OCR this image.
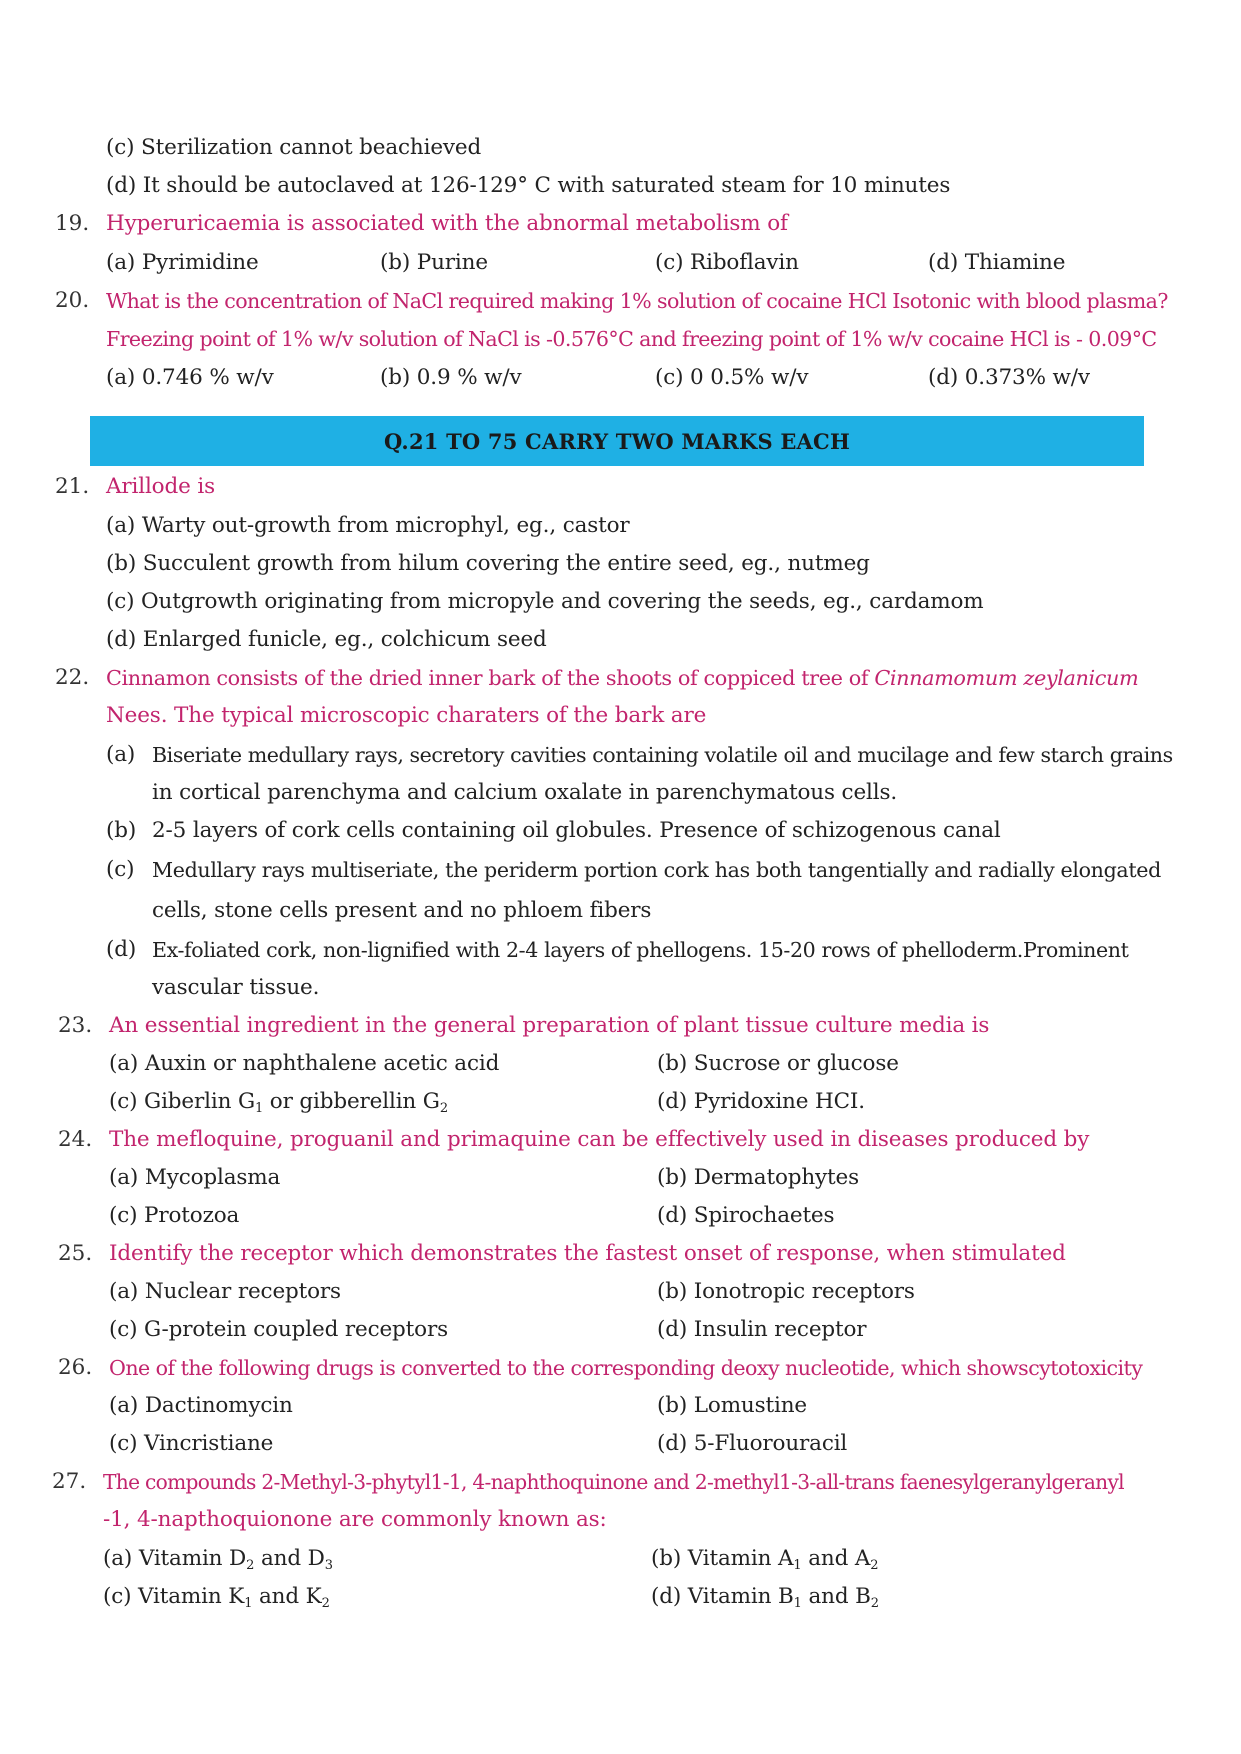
(c) Sterilization cannot beachieved
(d) It should be autoclaved at 126-129° C with saturated steam for 10 minutes
19. Hyperuricaemia is associated with the abnormal metabolism of
(a) Pyrimidine	(b) Purine	(c) Riboflavin	(d) Thiamine
20. What is the concentration of NaCl required making 1% solution of cocaine HCl Isotonic with blood plasma?
Freezing point of 1% w/v solution of NaCl is -0.576°C and freezing point of 1% w/v cocaine HCl is - 0.09°C
(a) 0.746 % w/v	(b) 0.9 % w/v	(c) 0 0.5% w/v	(d) 0.373% w/v
Q.21 TO 75 CARRY TWO MARKS EACH
21. Arillode is
(a) Warty out-growth from microphyl, eg., castor
(b) Succulent growth from hilum covering the entire seed, eg., nutmeg
(c) Outgrowth originating from micropyle and covering the seeds, eg., cardamom
(d) Enlarged funicle, eg., colchicum seed
22. Cinnamon consists of the dried inner bark of the shoots of coppiced tree of Cinnamomum zeylanicum
Nees. The typical microscopic charaters of the bark are
(a) Biseriate medullary rays, secretory cavities containing volatile oil and mucilage and few starch grains
in cortical parenchyma and calcium oxalate in parenchymatous cells.
(b) 2-5 layers of cork cells containing oil globules. Presence of schizogenous canal
(c) Medullary rays multiseriate, the periderm portion cork has both tangentially and radially elongated
cells, stone cells present and no phloem fibers
(d) Ex-foliated cork, non-lignified with 2-4 layers of phellogens. 15-20 rows of phelloderm.Prominent
vascular tissue.
23. An essential ingredient in the general preparation of plant tissue culture media is
(a) Auxin or naphthalene acetic acid	(b) Sucrose or glucose
(c) Giberlin $G_1$ or gibberellin $G_2$	(d) Pyridoxine HCI.
24. The mefloquine, proguanil and primaquine can be effectively used in diseases produced by
(a) Mycoplasma	(b) Dermatophytes
(c) Protozoa	(d) Spirochaetes
25. Identify the receptor which demonstrates the fastest onset of response, when stimulated
(a) Nuclear receptors	(b) Ionotropic receptors
(c) G-protein coupled receptors	(d) Insulin receptor
26. One of the following drugs is converted to the corresponding deoxy nucleotide, which showscytotoxicity
(a) Dactinomycin	(b) Lomustine
(c) Vincristiane	(d) 5-Fluorouracil
27. The compounds 2-Methyl-3-phytyl1-1, 4-naphthoquinone and 2-methyl1-3-all-trans faenesylgeranylgeranyl
-1, 4-napthoquionone are commonly known as:
(a) Vitamin $D_2$ and $D_3$	(b) Vitamin $A_1$ and $A_2$
(c) Vitamin $K_1$ and $K_2$	(d) Vitamin $B_1$ and $B_2$
